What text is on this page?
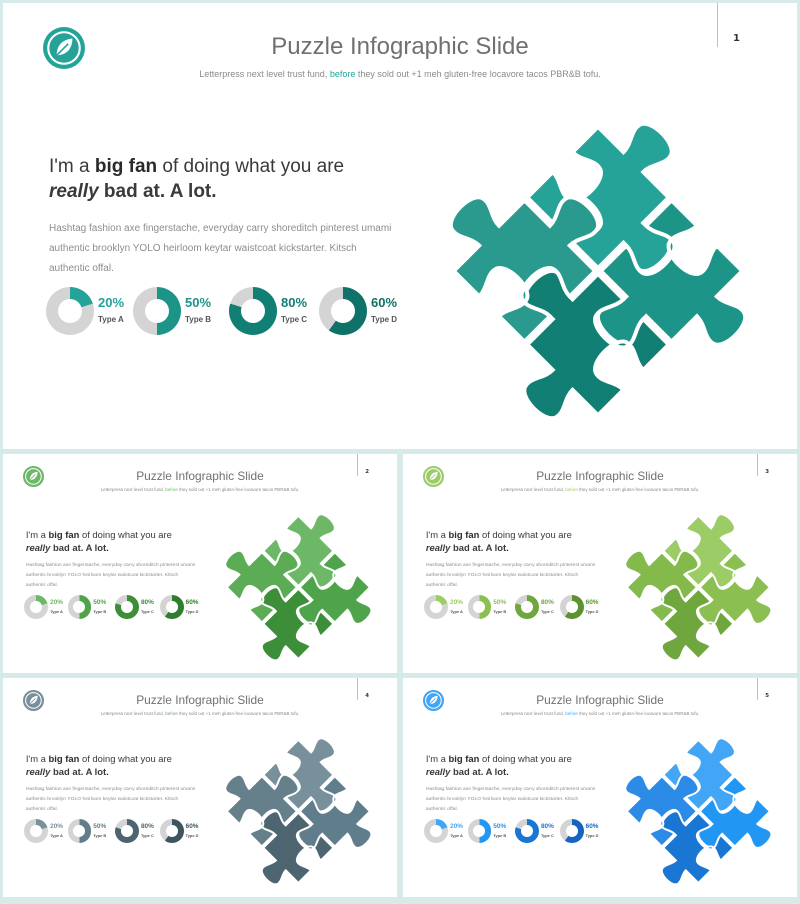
Puzzle Infographic Slide
Letterpress next level trust fund, before they sold out +1 meh gluten-free locavore tacos PBR&B tofu.
1
I'm a big fan of doing what you are
really bad at. A lot.
Hashtag fashion axe fingerstache, everyday carry shoreditch pinterest umami
authentic brooklyn YOLO heirloom keytar waistcoat kickstarter. Kitsch
authentic offal.
20%
Type A
50%
Type B
80%
Type C
60%
Type D
Puzzle Infographic Slide
Letterpress next level trust fund, before they sold out +1 meh gluten-free locavore tacos PBR&B tofu.
2
I'm a big fan of doing what you are
really bad at. A lot.
Hashtag fashion axe fingerstache, everyday carry shoreditch pinterest umami
authentic brooklyn YOLO heirloom keytar waistcoat kickstarter. Kitsch
authentic offal.
20%
Type A
50%
Type B
80%
Type C
60%
Type D
Puzzle Infographic Slide
Letterpress next level trust fund, before they sold out +1 meh gluten-free locavore tacos PBR&B tofu.
3
I'm a big fan of doing what you are
really bad at. A lot.
Hashtag fashion axe fingerstache, everyday carry shoreditch pinterest umami
authentic brooklyn YOLO heirloom keytar waistcoat kickstarter. Kitsch
authentic offal.
20%
Type A
50%
Type B
80%
Type C
60%
Type D
Puzzle Infographic Slide
Letterpress next level trust fund, before they sold out +1 meh gluten-free locavore tacos PBR&B tofu.
4
I'm a big fan of doing what you are
really bad at. A lot.
Hashtag fashion axe fingerstache, everyday carry shoreditch pinterest umami
authentic brooklyn YOLO heirloom keytar waistcoat kickstarter. Kitsch
authentic offal.
20%
Type A
50%
Type B
80%
Type C
60%
Type D
Puzzle Infographic Slide
Letterpress next level trust fund, before they sold out +1 meh gluten-free locavore tacos PBR&B tofu.
5
I'm a big fan of doing what you are
really bad at. A lot.
Hashtag fashion axe fingerstache, everyday carry shoreditch pinterest umami
authentic brooklyn YOLO heirloom keytar waistcoat kickstarter. Kitsch
authentic offal.
20%
Type A
50%
Type B
80%
Type C
60%
Type D
